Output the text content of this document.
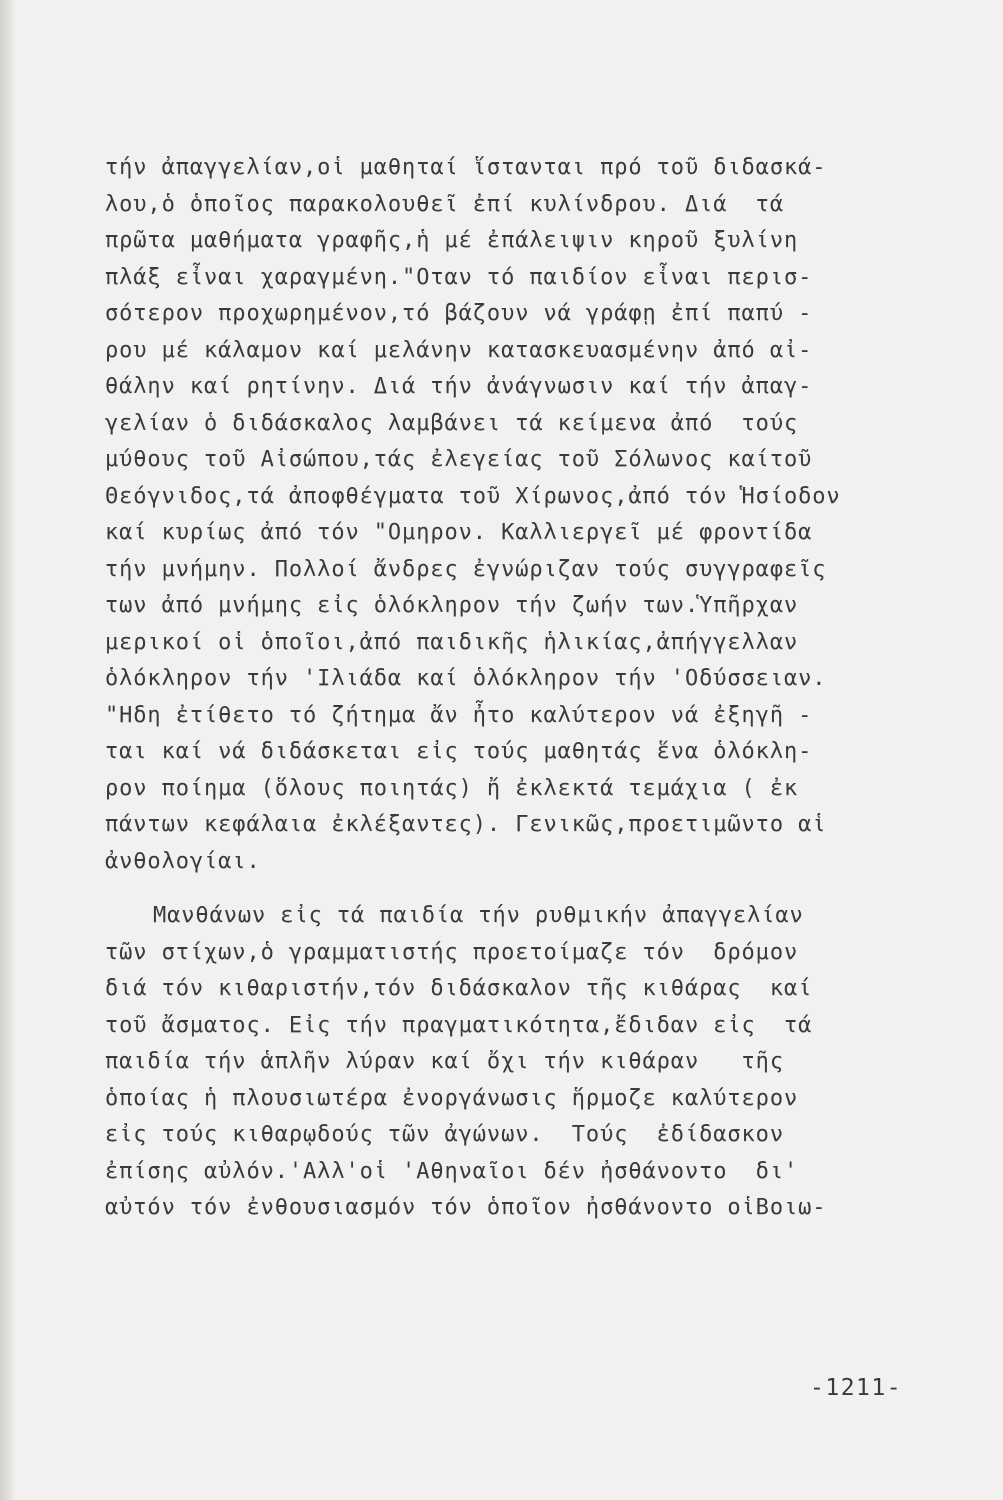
τήν ἀπαγγελίαν,οἱ μαθηταί ἵστανται πρό τοῦ διδασκά-
λου,ὁ ὁποῖος παρακολουθεῖ ἐπί κυλίνδρου. Διά  τά
πρῶτα μαθήματα γραφῆς,ἡ μέ ἐπάλειψιν κηροῦ ξυλίνη
πλάξ εἶναι χαραγμένη."Οταν τό παιδίον εἶναι περισ-
σότερον προχωρημένον,τό βάζουν νά γράφῃ ἐπί παπύ -
ρου μέ κάλαμον καί μελάνην κατασκευασμένην ἀπό αἰ-
θάλην καί ρητίνην. Διά τήν ἀνάγνωσιν καί τήν ἀπαγ-
γελίαν ὁ διδάσκαλος λαμβάνει τά κείμενα ἀπό  τούς
μύθους τοῦ Αἰσώπου,τάς ἐλεγείας τοῦ Σόλωνος καίτοῦ
Θεόγνιδος,τά ἀποφθέγματα τοῦ Χίρωνος,ἀπό τόν Ἡσίοδον
καί κυρίως ἀπό τόν "Ομηρον. Καλλιεργεῖ μέ φροντίδα
τήν μνήμην. Πολλοί ἄνδρες ἐγνώριζαν τούς συγγραφεῖς
των ἀπό μνήμης εἰς ὁλόκληρον τήν ζωήν των.Ὑπῆρχαν
μερικοί οἱ ὁποῖοι,ἀπό παιδικῆς ἡλικίας,ἀπήγγελλαν
ὁλόκληρον τήν 'Ιλιάδα καί ὁλόκληρον τήν 'Οδύσσειαν.
"Ηδη ἐτίθετο τό ζήτημα ἄν ἦτο καλύτερον νά ἐξηγῆ -
ται καί νά διδάσκεται εἰς τούς μαθητάς ἕνα ὁλόκλη-
ρον ποίημα (ὅλους ποιητάς) ἤ ἐκλεκτά τεμάχια ( ἐκ
πάντων κεφάλαια ἐκλέξαντες). Γενικῶς,προετιμῶντο αἱ
ἀνθολογίαι.
Μανθάνων εἰς τά παιδία τήν ρυθμικήν ἀπαγγελίαν
τῶν στίχων,ὁ γραμματιστής προετοίμαζε τόν  δρόμον
διά τόν κιθαριστήν,τόν διδάσκαλον τῆς κιθάρας  καί
τοῦ ἄσματος. Εἰς τήν πραγματικότητα,ἔδιδαν εἰς  τά
παιδία τήν ἁπλῆν λύραν καί ὄχι τήν κιθάραν   τῆς
ὁποίας ἡ πλουσιωτέρα ἐνοργάνωσις ἥρμοζε καλύτερον
εἰς τούς κιθαρῳδούς τῶν ἀγώνων.  Τούς  ἐδίδασκον
ἐπίσης αὐλόν.'Αλλ'οἱ 'Αθηναῖοι δέν ἠσθάνοντο  δι'
αὐτόν τόν ἐνθουσιασμόν τόν ὁποῖον ἠσθάνοντο οἱΒοιω-
-1211-
